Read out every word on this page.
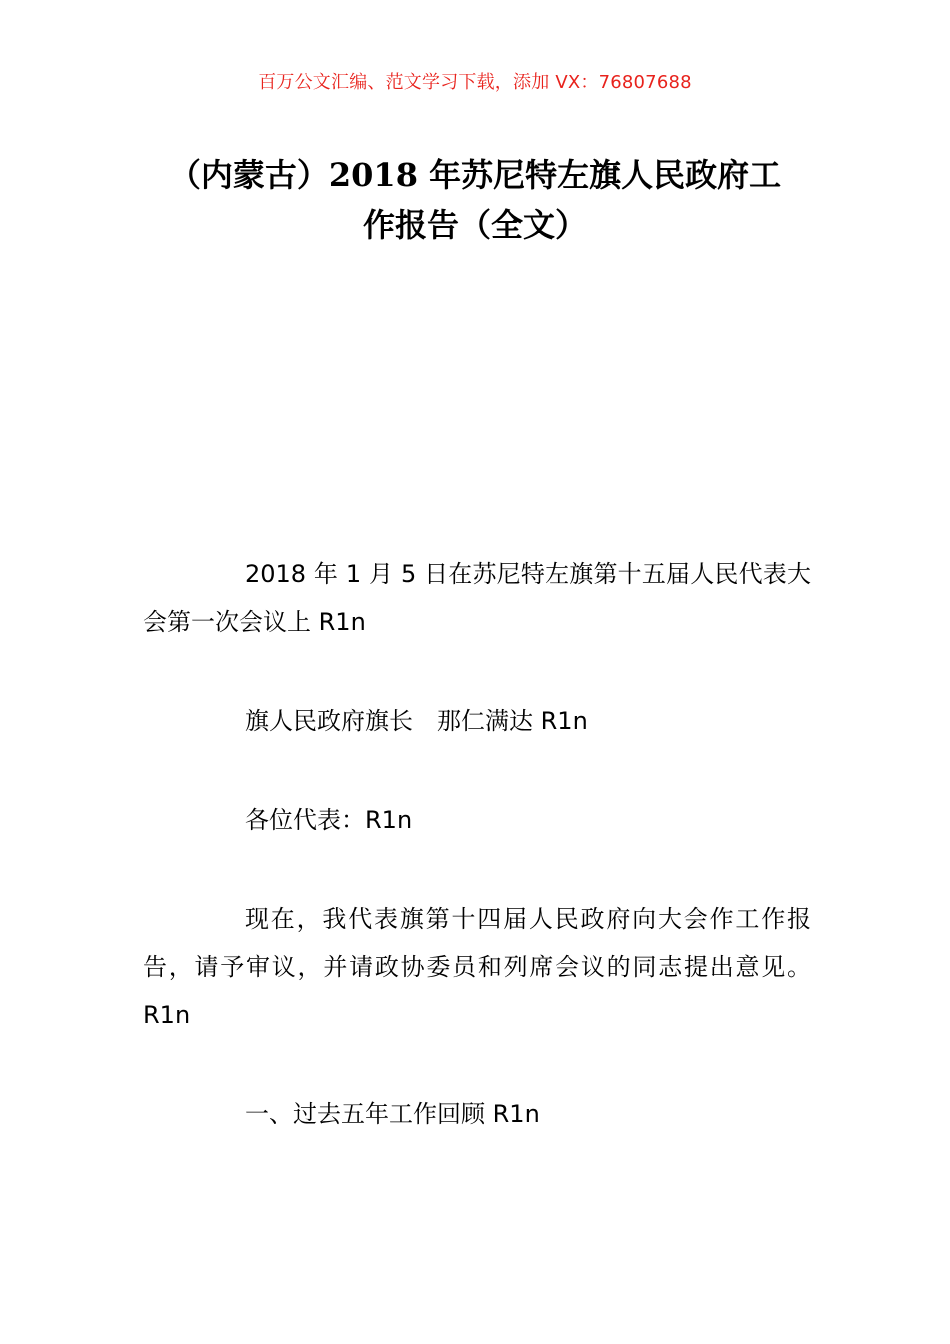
百万公文汇编、范文学习下载，添加 VX：76807688
（内蒙古）2018 年苏尼特左旗人民政府工
作报告（全文）

2018 年 1 月 5 日在苏尼特左旗第十五届人民代表大会第一次会议上 R1n

旗人民政府旗长　那仁满达 R1n

各位代表：R1n

现在，我代表旗第十四届人民政府向大会作工作报告，请予审议，并请政协委员和列席会议的同志提出意见。R1n

一、过去五年工作回顾 R1n
